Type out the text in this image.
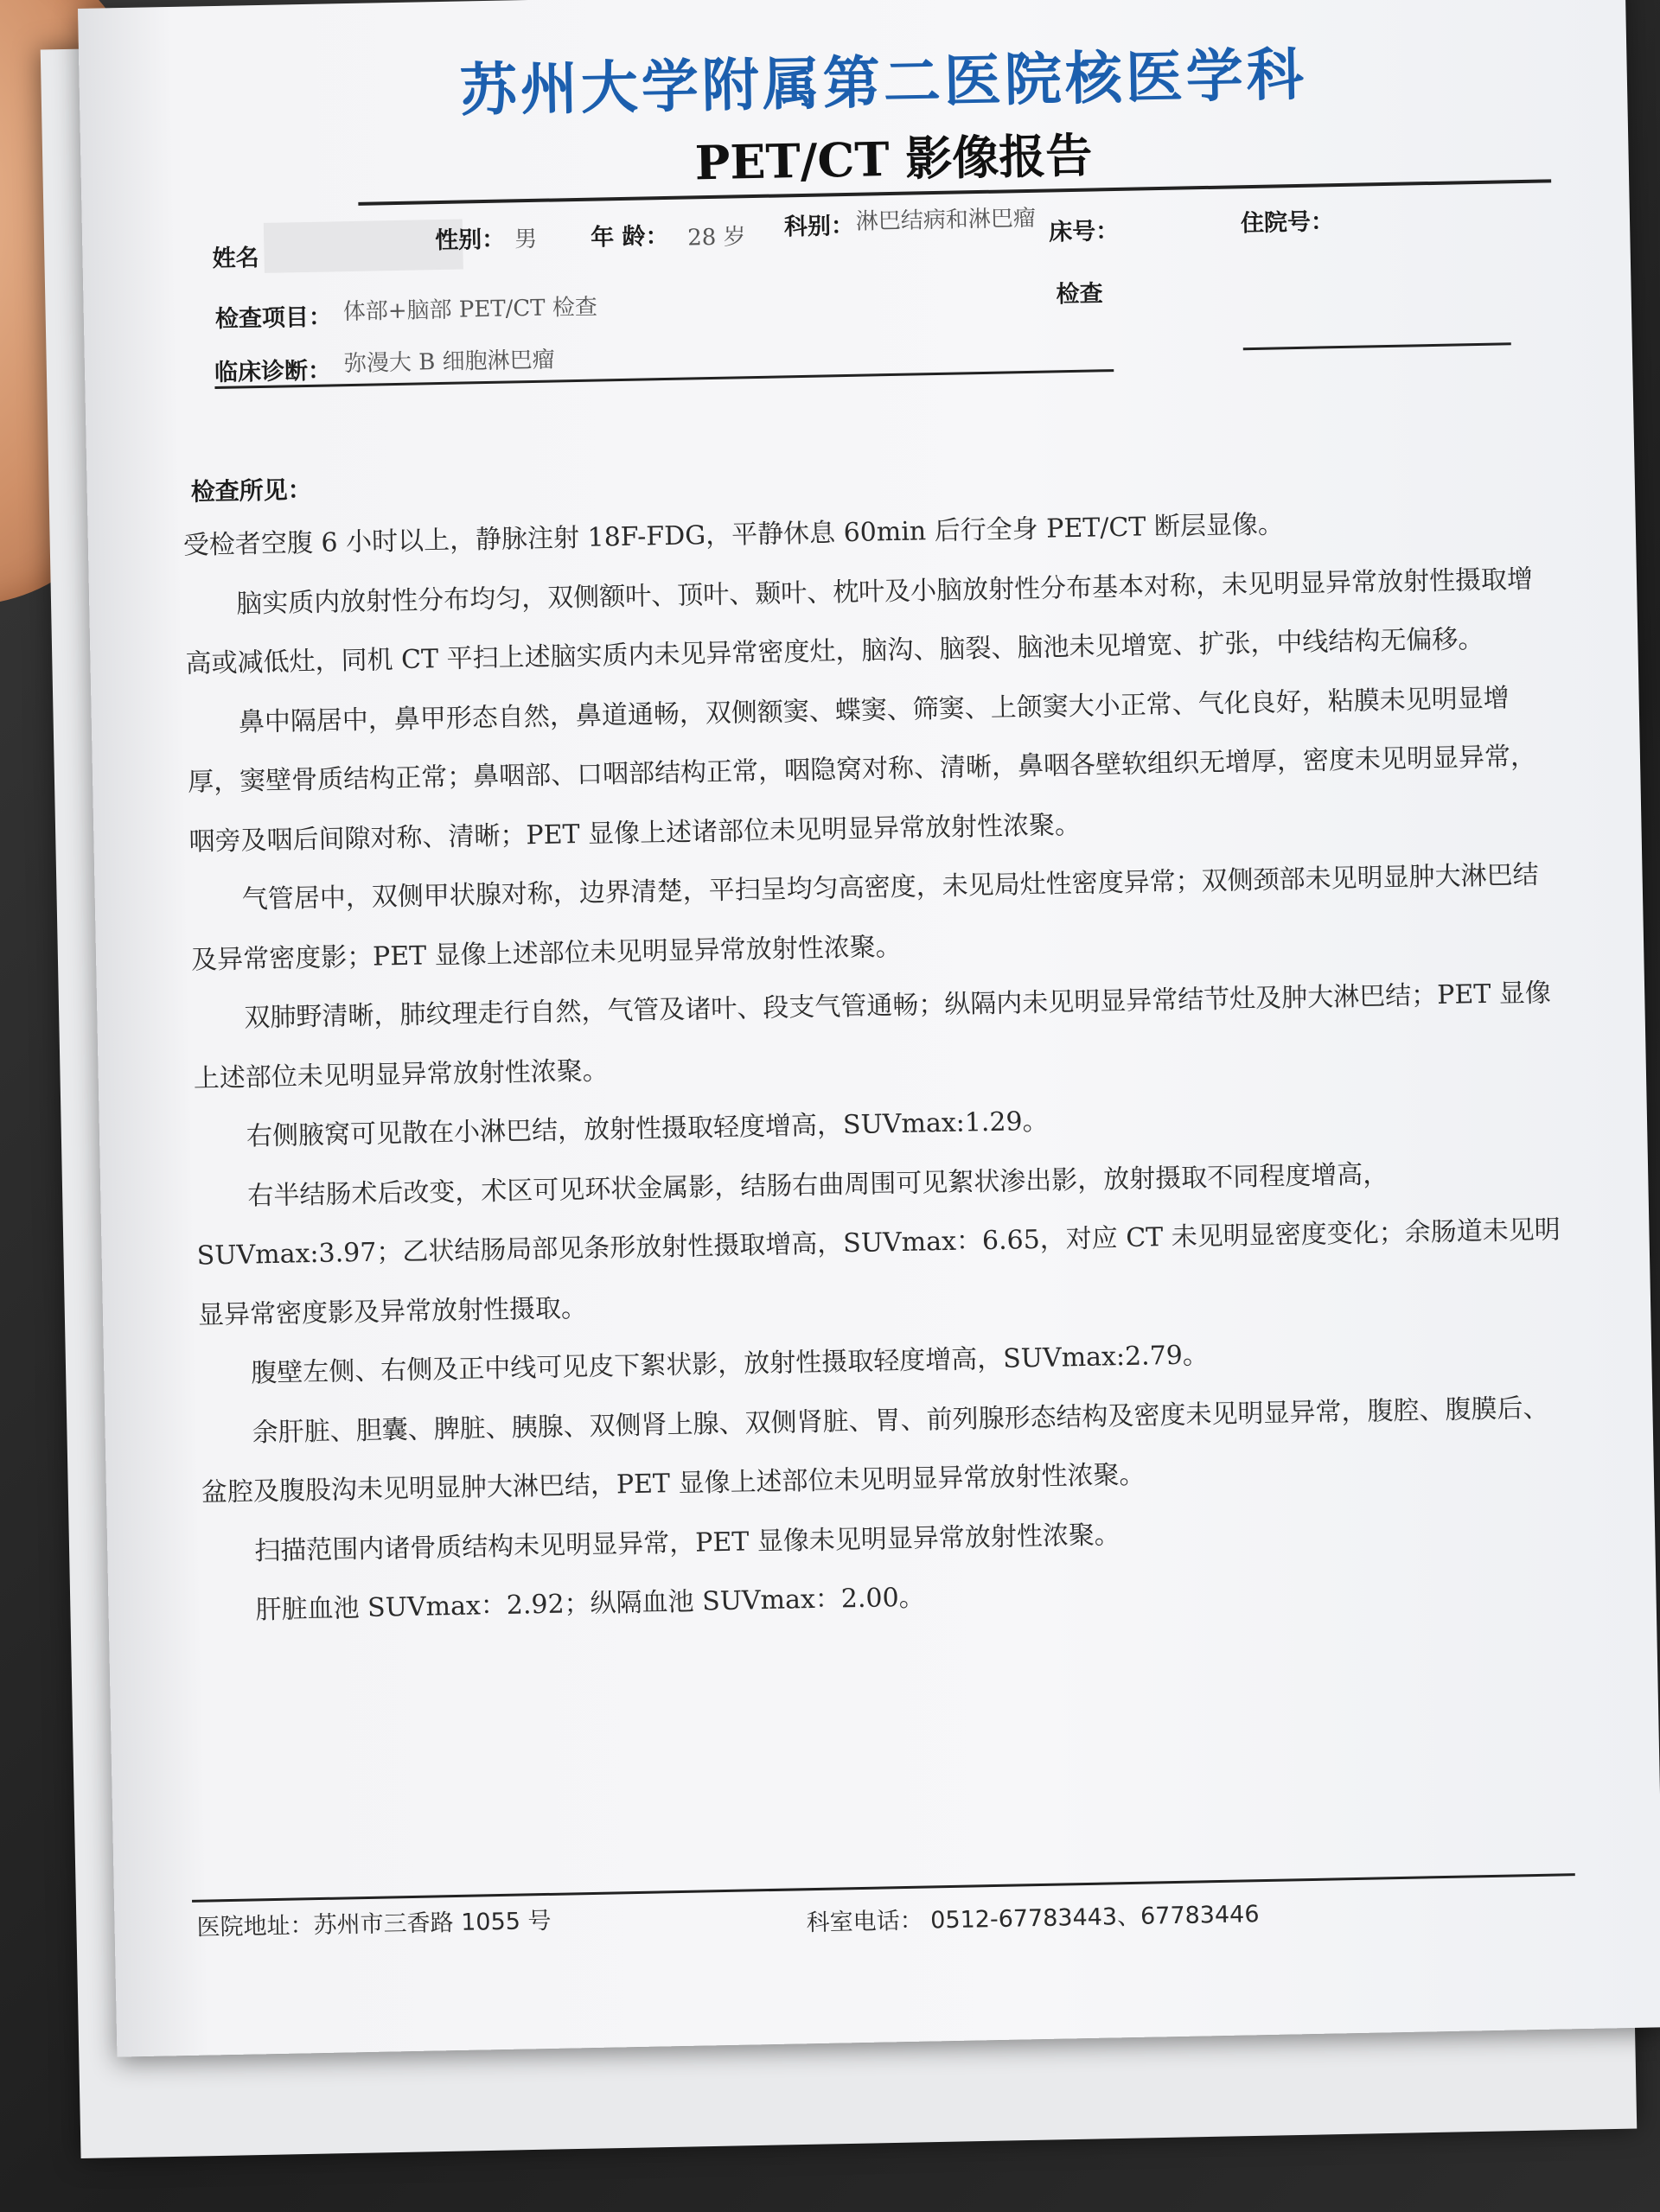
苏州大学附属第二医院核医学科
PET/CT 影像报告
姓名
性别： 男 年 龄： 28 岁 科别： 淋巴结病和淋巴瘤 床号：	住院号：
检查项目： 体部+脑部 PET/CT 检查
检查
临床诊断： 弥漫大 B 细胞淋巴瘤
检查所见：

受检者空腹 6 小时以上，静脉注射 18F-FDG，平静休息 60min 后行全身 PET/CT 断层显像。

脑实质内放射性分布均匀，双侧额叶、顶叶、颞叶、枕叶及小脑放射性分布基本对称，未见明显异常放射性摄取增高或减低灶，同机 CT 平扫上述脑实质内未见异常密度灶，脑沟、脑裂、脑池未见增宽、扩张，中线结构无偏移。

鼻中隔居中，鼻甲形态自然，鼻道通畅，双侧额窦、蝶窦、筛窦、上颌窦大小正常、气化良好，粘膜未见明显增厚，窦壁骨质结构正常；鼻咽部、口咽部结构正常，咽隐窝对称、清晰，鼻咽各壁软组织无增厚，密度未见明显异常，咽旁及咽后间隙对称、清晰；PET 显像上述诸部位未见明显异常放射性浓聚。

气管居中，双侧甲状腺对称，边界清楚，平扫呈均匀高密度，未见局灶性密度异常；双侧颈部未见明显肿大淋巴结及异常密度影；PET 显像上述部位未见明显异常放射性浓聚。

双肺野清晰，肺纹理走行自然，气管及诸叶、段支气管通畅；纵隔内未见明显异常结节灶及肿大淋巴结；PET 显像上述部位未见明显异常放射性浓聚。

右侧腋窝可见散在小淋巴结，放射性摄取轻度增高，SUVmax:1.29。

右半结肠术后改变，术区可见环状金属影，结肠右曲周围可见絮状渗出影，放射摄取不同程度增高，SUVmax:3.97；乙状结肠局部见条形放射性摄取增高，SUVmax：6.65，对应 CT 未见明显密度变化；余肠道未见明显异常密度影及异常放射性摄取。

腹壁左侧、右侧及正中线可见皮下絮状影，放射性摄取轻度增高，SUVmax:2.79。

余肝脏、胆囊、脾脏、胰腺、双侧肾上腺、双侧肾脏、胃、前列腺形态结构及密度未见明显异常，腹腔、腹膜后、盆腔及腹股沟未见明显肿大淋巴结，PET 显像上述部位未见明显异常放射性浓聚。

扫描范围内诸骨质结构未见明显异常，PET 显像未见明显异常放射性浓聚。

肝脏血池 SUVmax：2.92；纵隔血池 SUVmax：2.00。

医院地址：苏州市三香路 1055 号	科室电话： 0512-67783443、67783446
